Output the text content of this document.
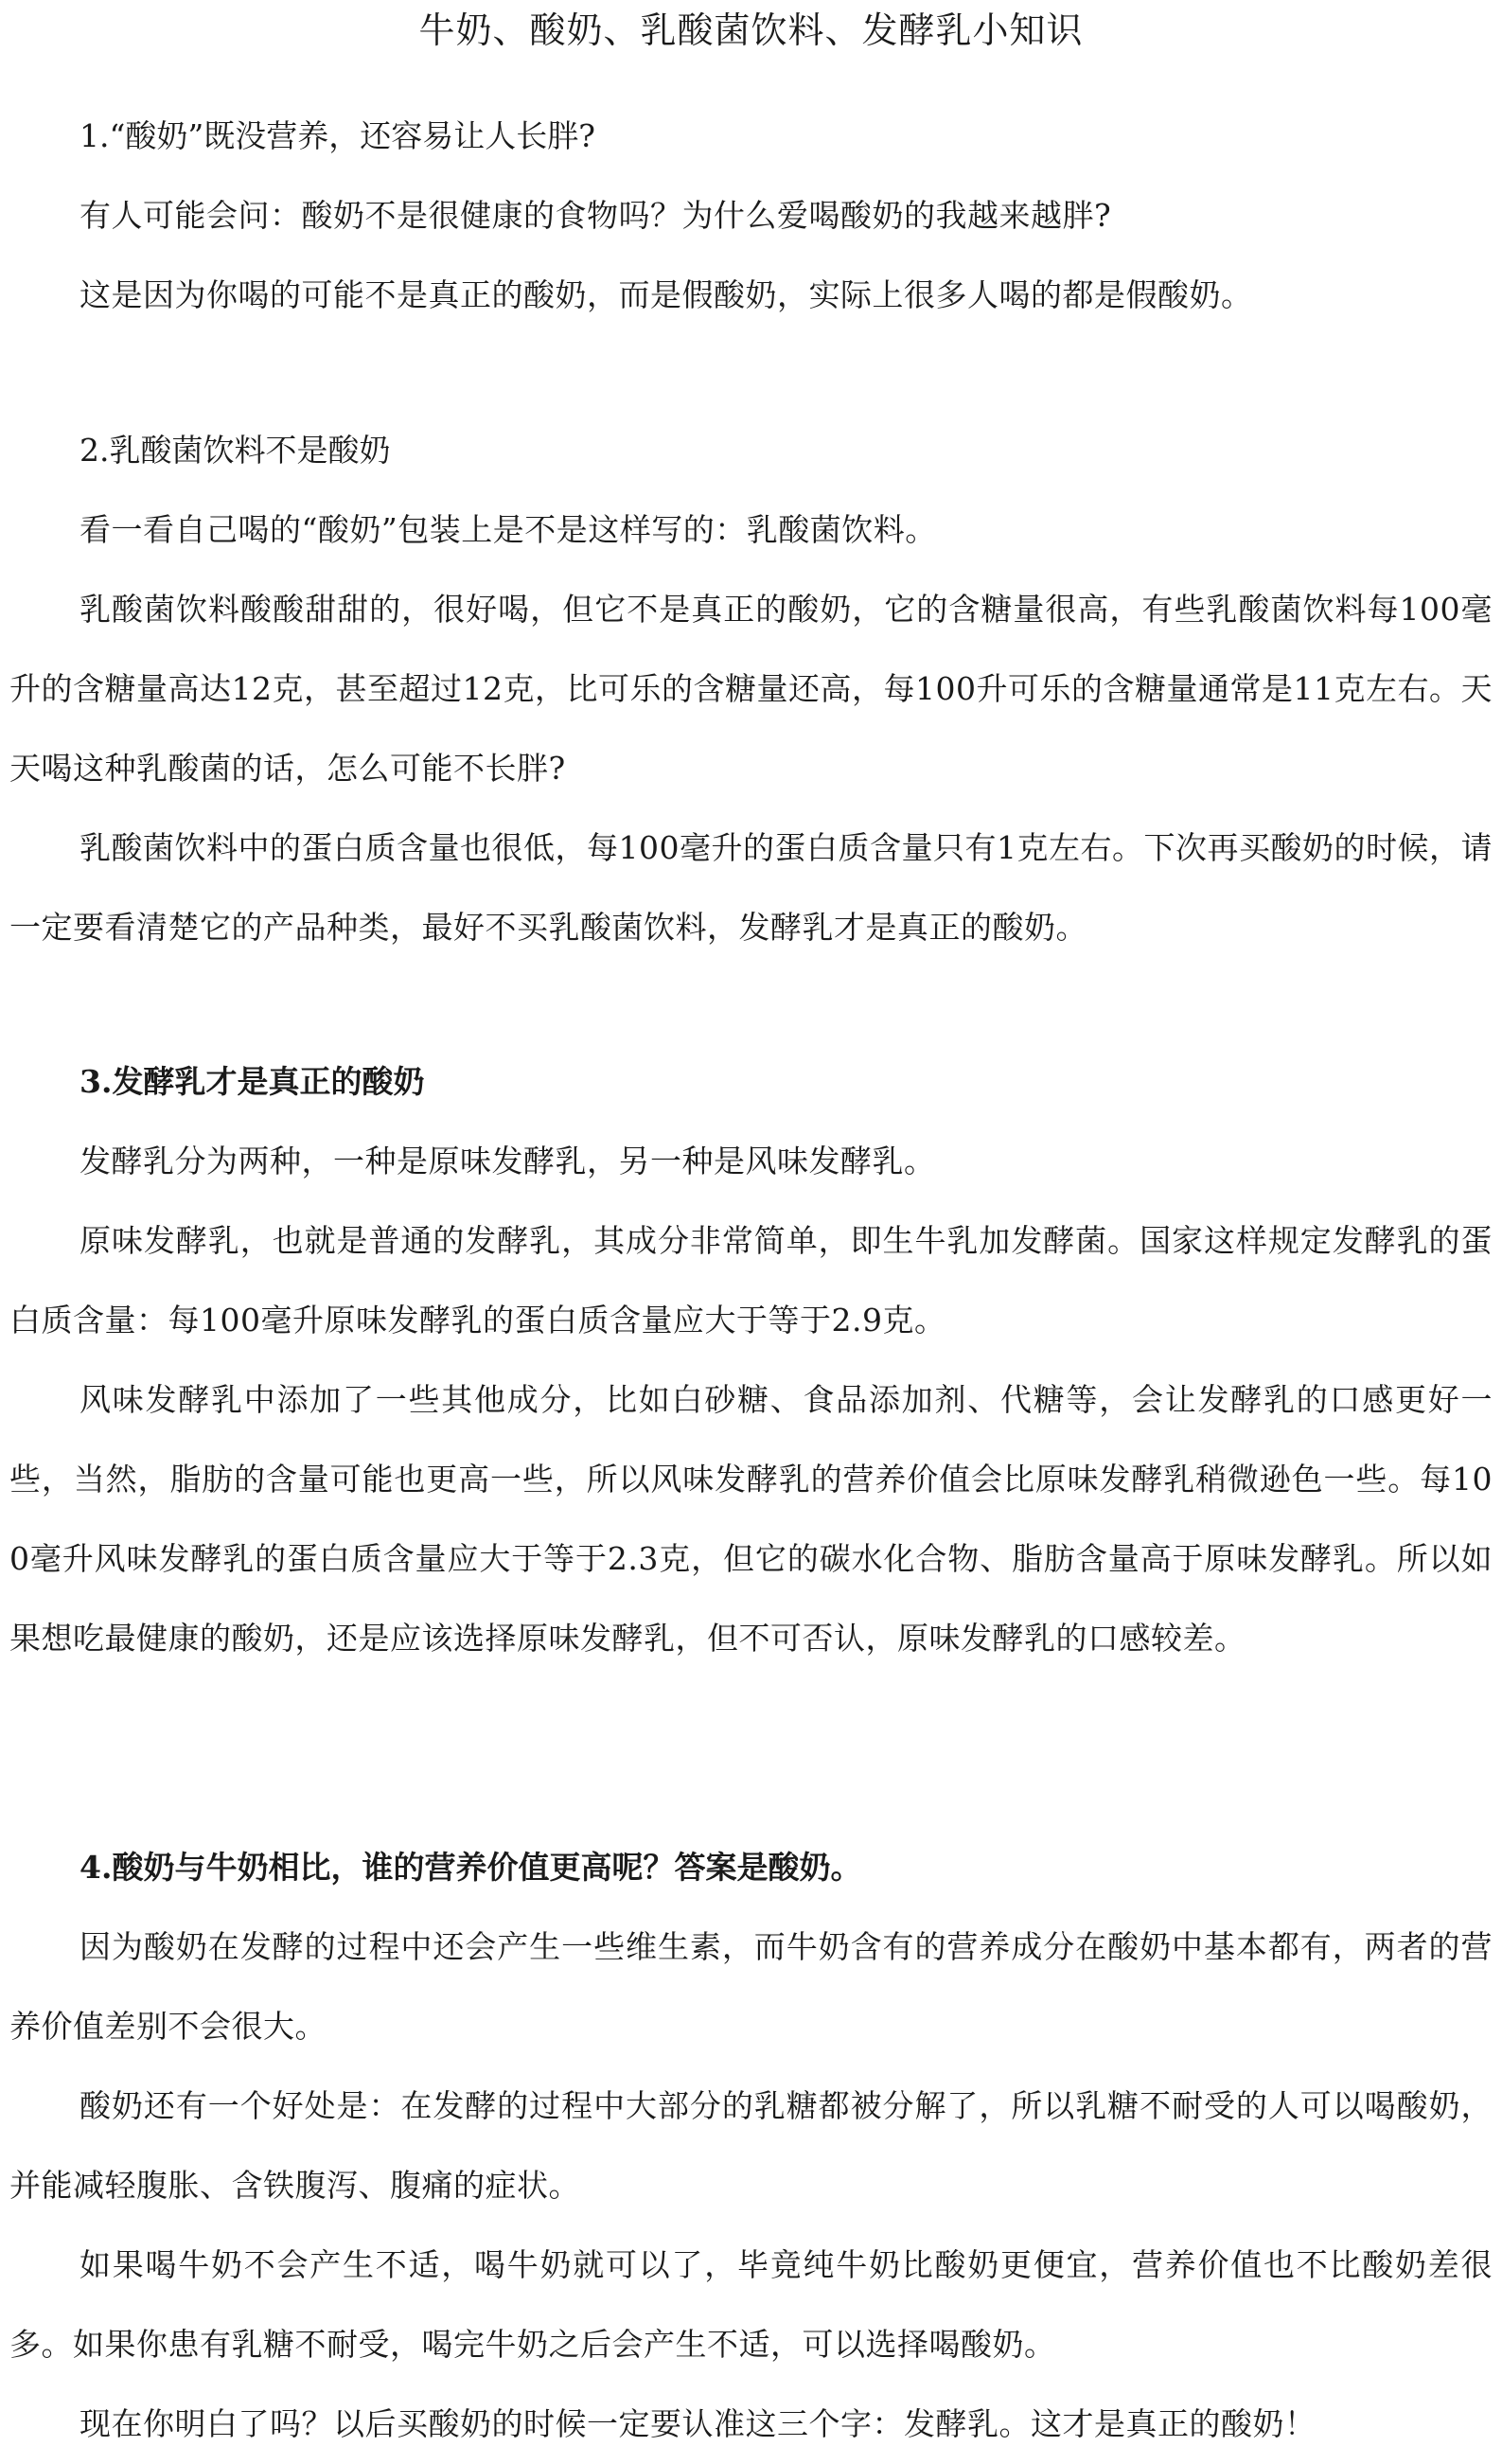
牛奶、酸奶、乳酸菌饮料、发酵乳小知识

1.“酸奶”既没营养，还容易让人长胖?

有人可能会问：酸奶不是很健康的食物吗？为什么爱喝酸奶的我越来越胖?

这是因为你喝的可能不是真正的酸奶，而是假酸奶，实际上很多人喝的都是假酸奶。

2.乳酸菌饮料不是酸奶

看一看自己喝的“酸奶”包装上是不是这样写的：乳酸菌饮料。

乳酸菌饮料酸酸甜甜的，很好喝，但它不是真正的酸奶，它的含糖量很高，有些乳酸菌饮料每100毫升的含糖量高达12克，甚至超过12克，比可乐的含糖量还高，每100升可乐的含糖量通常是11克左右。天天喝这种乳酸菌的话，怎么可能不长胖?

乳酸菌饮料中的蛋白质含量也很低，每100毫升的蛋白质含量只有1克左右。下次再买酸奶的时候，请一定要看清楚它的产品种类，最好不买乳酸菌饮料，发酵乳才是真正的酸奶。

3.发酵乳才是真正的酸奶

发酵乳分为两种，一种是原味发酵乳，另一种是风味发酵乳。

原味发酵乳，也就是普通的发酵乳，其成分非常简单，即生牛乳加发酵菌。国家这样规定发酵乳的蛋白质含量：每100毫升原味发酵乳的蛋白质含量应大于等于2.9克。

风味发酵乳中添加了一些其他成分，比如白砂糖、食品添加剂、代糖等，会让发酵乳的口感更好一些，当然，脂肪的含量可能也更高一些，所以风味发酵乳的营养价值会比原味发酵乳稍微逊色一些。每100毫升风味发酵乳的蛋白质含量应大于等于2.3克，但它的碳水化合物、脂肪含量高于原味发酵乳。所以如果想吃最健康的酸奶，还是应该选择原味发酵乳，但不可否认，原味发酵乳的口感较差。

4.酸奶与牛奶相比，谁的营养价值更高呢？答案是酸奶。

因为酸奶在发酵的过程中还会产生一些维生素，而牛奶含有的营养成分在酸奶中基本都有，两者的营养价值差别不会很大。

酸奶还有一个好处是：在发酵的过程中大部分的乳糖都被分解了，所以乳糖不耐受的人可以喝酸奶，并能减轻腹胀、含铁腹泻、腹痛的症状。

如果喝牛奶不会产生不适，喝牛奶就可以了，毕竟纯牛奶比酸奶更便宜，营养价值也不比酸奶差很多。如果你患有乳糖不耐受，喝完牛奶之后会产生不适，可以选择喝酸奶。

现在你明白了吗？以后买酸奶的时候一定要认准这三个字：发酵乳。这才是真正的酸奶！
